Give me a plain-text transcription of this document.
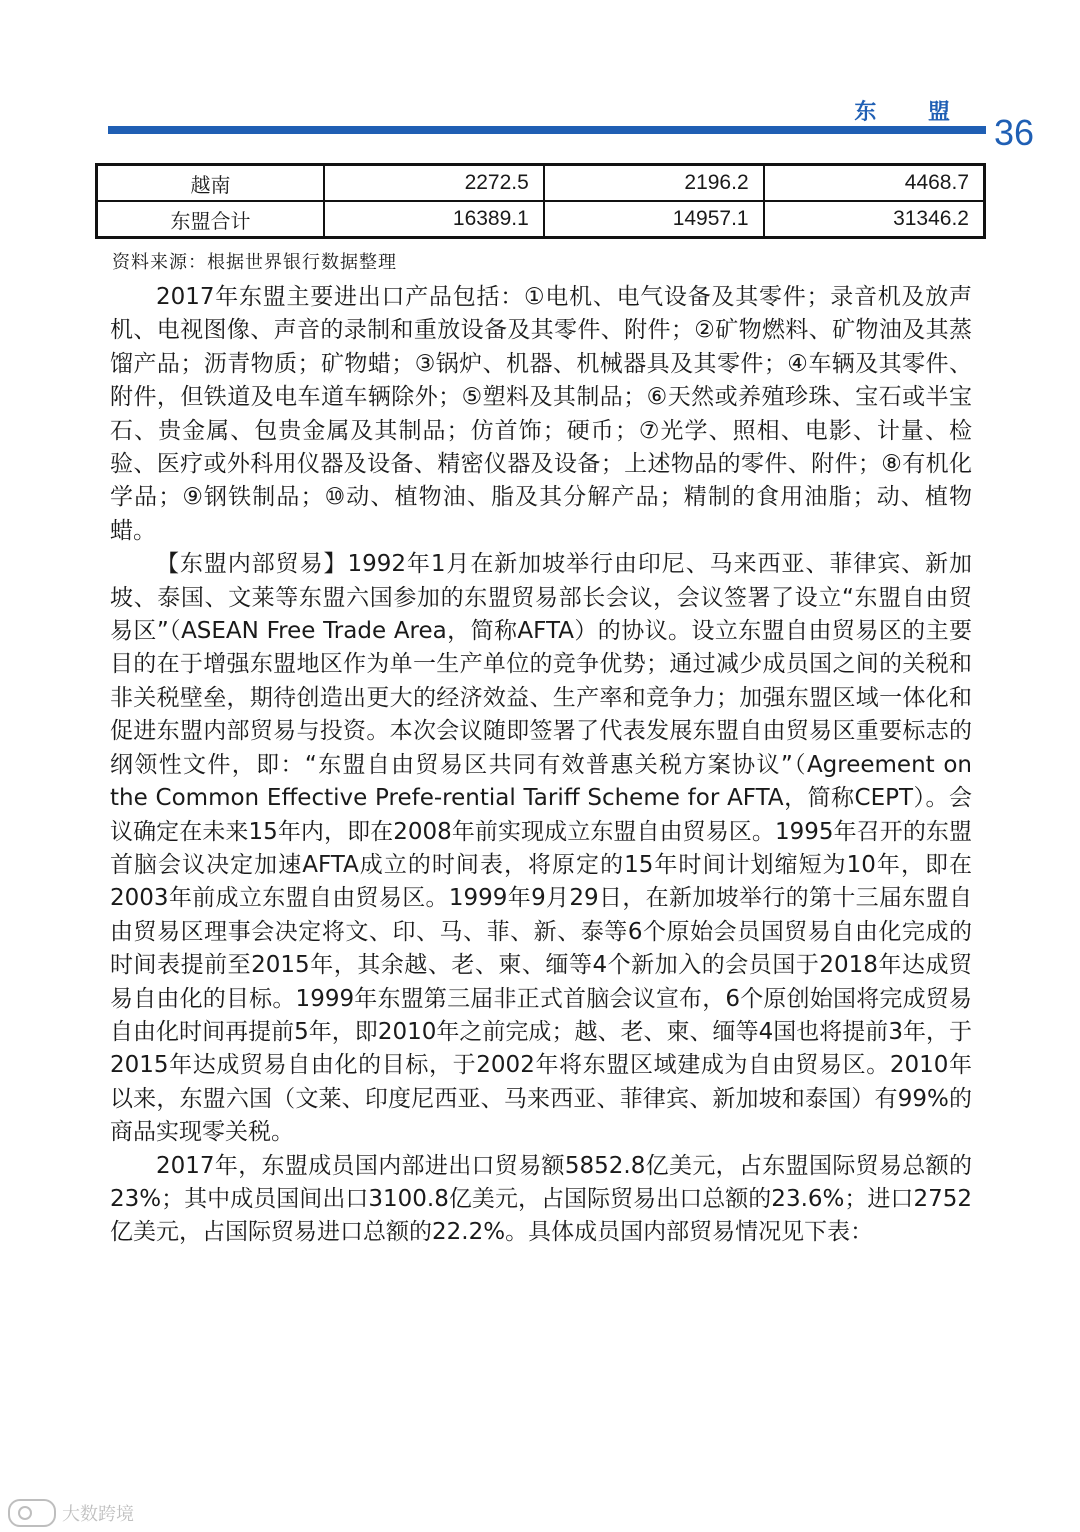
东 盟 36
越南	2272.5	2196.2	4468.7
东盟合计	16389.1	14957.1	31346.2
资料来源：根据世界银行数据整理

2017年东盟主要进出口产品包括：①电机、电气设备及其零件；录音机及放声机、电视图像、声音的录制和重放设备及其零件、附件；②矿物燃料、矿物油及其蒸馏产品；沥青物质；矿物蜡；③锅炉、机器、机械器具及其零件；④车辆及其零件、附件，但铁道及电车道车辆除外；⑤塑料及其制品；⑥天然或养殖珍珠、宝石或半宝石、贵金属、包贵金属及其制品；仿首饰；硬币；⑦光学、照相、电影、计量、检验、医疗或外科用仪器及设备、精密仪器及设备；上述物品的零件、附件；⑧有机化学品；⑨钢铁制品；⑩动、植物油、脂及其分解产品；精制的食用油脂；动、植物蜡。

【东盟内部贸易】1992年1月在新加坡举行由印尼、马来西亚、菲律宾、新加坡、泰国、文莱等东盟六国参加的东盟贸易部长会议，会议签署了设立“东盟自由贸易区”（ASEAN Free Trade Area，简称AFTA）的协议。设立东盟自由贸易区的主要目的在于增强东盟地区作为单一生产单位的竞争优势；通过减少成员国之间的关税和非关税壁垒，期待创造出更大的经济效益、生产率和竞争力；加强东盟区域一体化和促进东盟内部贸易与投资。本次会议随即签署了代表发展东盟自由贸易区重要标志的纲领性文件，即：“东盟自由贸易区共同有效普惠关税方案协议”（Agreement on the Common Effective Prefe-rential Tariff Scheme for AFTA，简称CEPT）。会议确定在未来15年内，即在2008年前实现成立东盟自由贸易区。1995年召开的东盟首脑会议决定加速AFTA成立的时间表，将原定的15年时间计划缩短为10年，即在2003年前成立东盟自由贸易区。1999年9月29日，在新加坡举行的第十三届东盟自由贸易区理事会决定将文、印、马、菲、新、泰等6个原始会员国贸易自由化完成的时间表提前至2015年，其余越、老、柬、缅等4个新加入的会员国于2018年达成贸易自由化的目标。1999年东盟第三届非正式首脑会议宣布，6个原创始国将完成贸易自由化时间再提前5年，即2010年之前完成；越、老、柬、缅等4国也将提前3年，于2015年达成贸易自由化的目标，于2002年将东盟区域建成为自由贸易区。2010年以来，东盟六国（文莱、印度尼西亚、马来西亚、菲律宾、新加坡和泰国）有99%的商品实现零关税。

2017年，东盟成员国内部进出口贸易额5852.8亿美元，占东盟国际贸易总额的23%；其中成员国间出口3100.8亿美元，占国际贸易出口总额的23.6%；进口2752亿美元，占国际贸易进口总额的22.2%。具体成员国内部贸易情况见下表：

大数跨境
